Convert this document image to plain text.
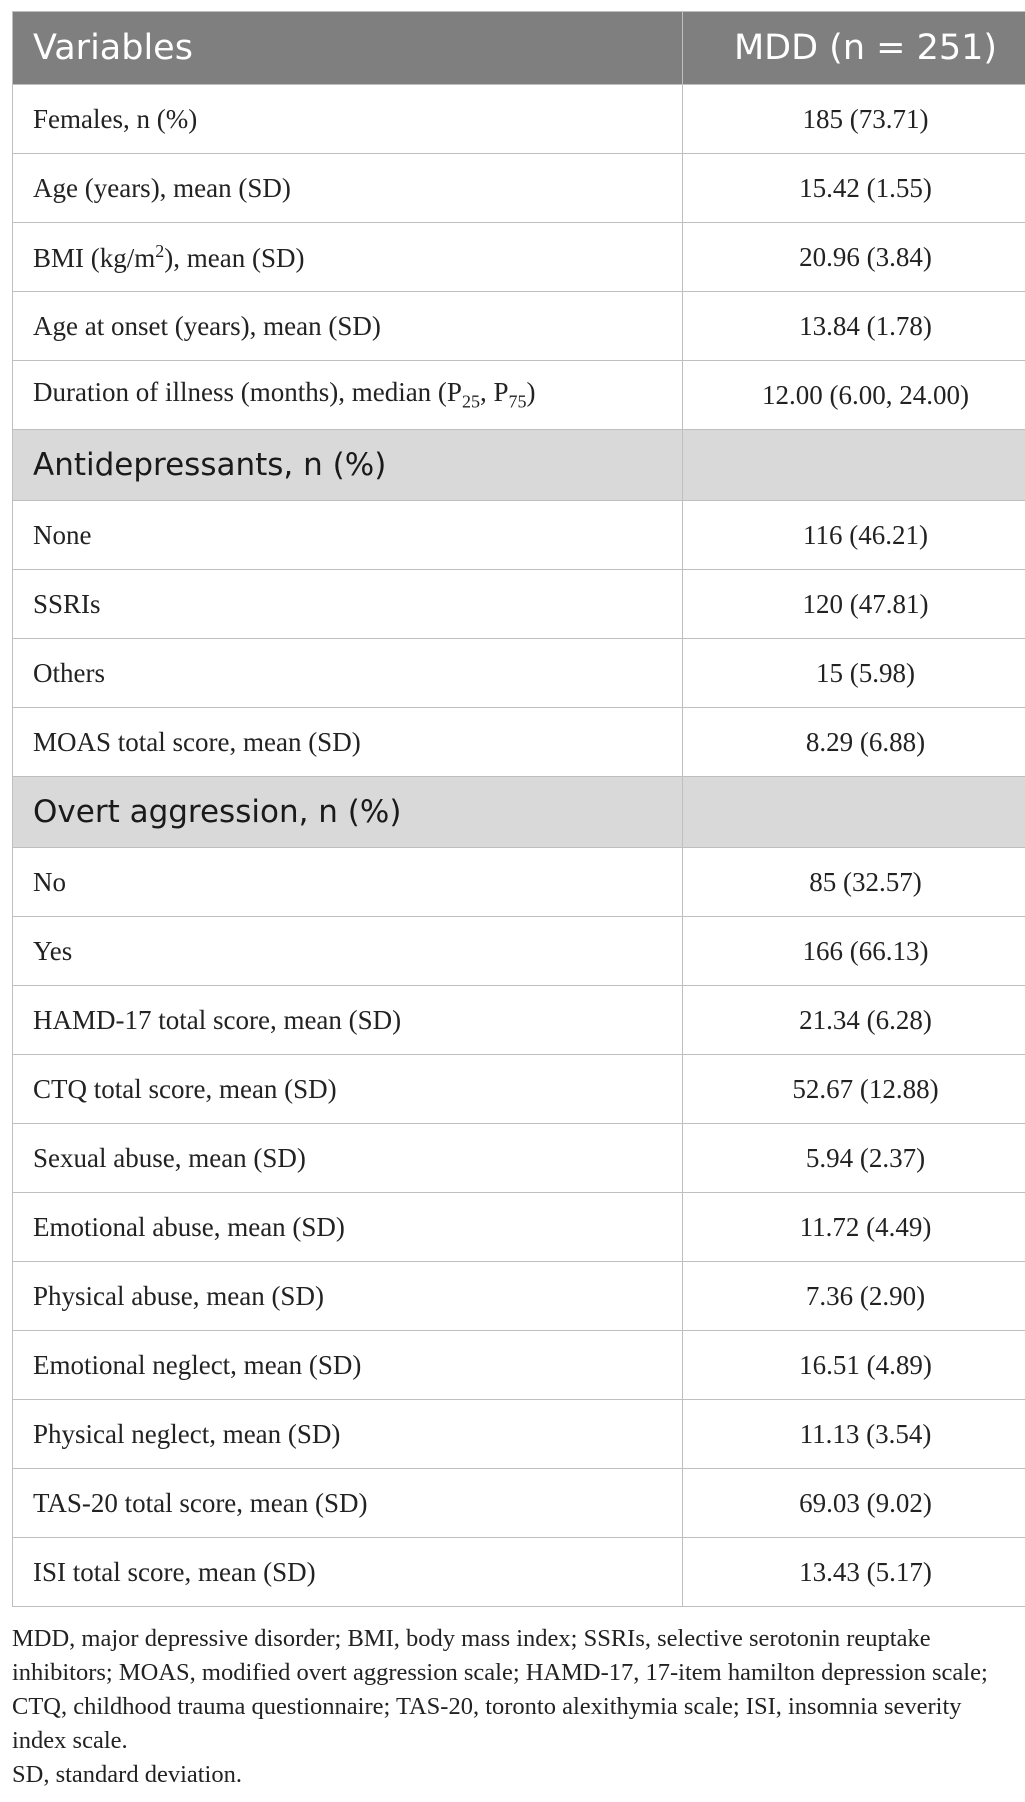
Variables	MDD (n = 251)
Females, n (%)	185 (73.71)
Age (years), mean (SD)	15.42 (1.55)
BMI $(kg/m^2)$, mean (SD)	20.96 (3.84)
Age at onset (years), mean (SD)	13.84 (1.78)
Duration of illness (months), median ($P_{25}$, $P_{75}$)	12.00 (6.00, 24.00)
Antidepressants, n (%)	
None	116 (46.21)
SSRIs	120 (47.81)
Others	15 (5.98)
MOAS total score, mean (SD)	8.29 (6.88)
Overt aggression, n (%)	
No	85 (32.57)
Yes	166 (66.13)
HAMD-17 total score, mean (SD)	21.34 (6.28)
CTQ total score, mean (SD)	52.67 (12.88)
Sexual abuse, mean (SD)	5.94 (2.37)
Emotional abuse, mean (SD)	11.72 (4.49)
Physical abuse, mean (SD)	7.36 (2.90)
Emotional neglect, mean (SD)	16.51 (4.89)
Physical neglect, mean (SD)	11.13 (3.54)
TAS-20 total score, mean (SD)	69.03 (9.02)
ISI total score, mean (SD)	13.43 (5.17)

MDD, major depressive disorder; BMI, body mass index; SSRIs, selective serotonin reuptake inhibitors; MOAS, modified overt aggression scale; HAMD-17, 17-item hamilton depression scale; CTQ, childhood trauma questionnaire; TAS-20, toronto alexithymia scale; ISI, insomnia severity index scale.

SD, standard deviation.
